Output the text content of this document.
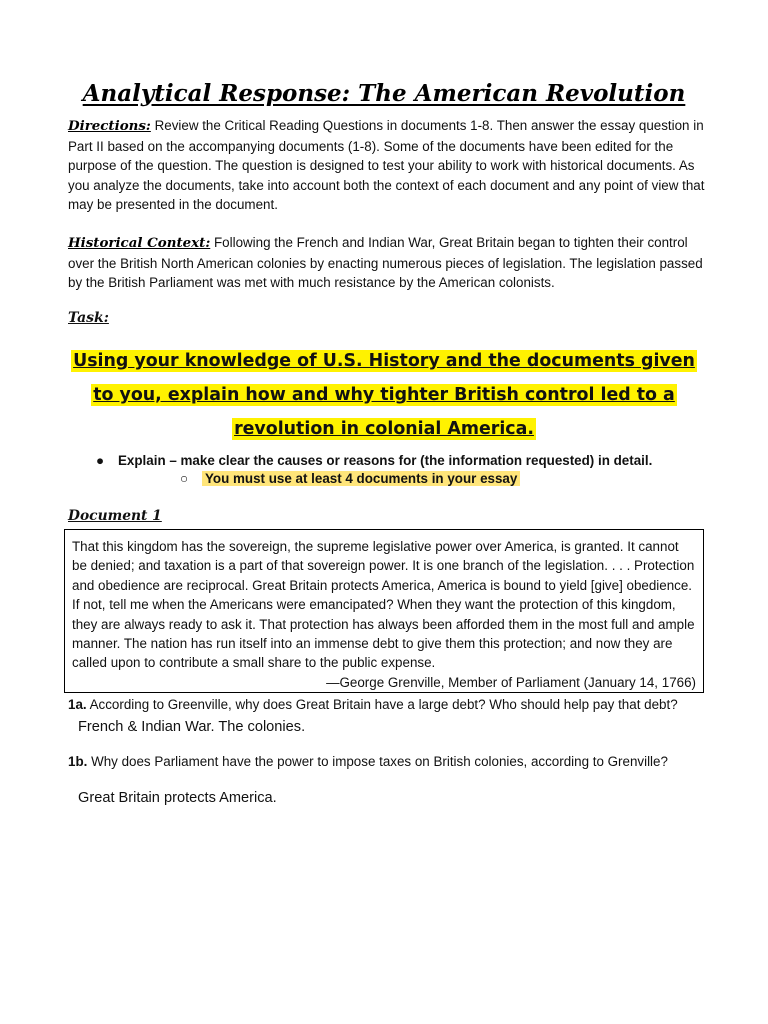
Analytical Response: The American Revolution
Directions: Review the Critical Reading Questions in documents 1-8. Then answer the essay question in Part II based on the accompanying documents (1-8). Some of the documents have been edited for the purpose of the question. The question is designed to test your ability to work with historical documents. As you analyze the documents, take into account both the context of each document and any point of view that may be presented in the document.
Historical Context: Following the French and Indian War, Great Britain began to tighten their control over the British North American colonies by enacting numerous pieces of legislation. The legislation passed by the British Parliament was met with much resistance by the American colonists.
Task:
Using your knowledge of U.S. History and the documents given to you, explain how and why tighter British control led to a revolution in colonial America.
● Explain – make clear the causes or reasons for (the information requested) in detail.
○ You must use at least 4 documents in your essay
Document 1
That this kingdom has the sovereign, the supreme legislative power over America, is granted. It cannot be denied; and taxation is a part of that sovereign power. It is one branch of the legislation. . . . Protection and obedience are reciprocal. Great Britain protects America, America is bound to yield [give] obedience. If not, tell me when the Americans were emancipated? When they want the protection of this kingdom, they are always ready to ask it. That protection has always been afforded them in the most full and ample manner. The nation has run itself into an immense debt to give them this protection; and now they are called upon to contribute a small share to the public expense.
—George Grenville, Member of Parliament (January 14, 1766)
1a. According to Greenville, why does Great Britain have a large debt? Who should help pay that debt?
French & Indian War. The colonies.
1b. Why does Parliament have the power to impose taxes on British colonies, according to Grenville?
Great Britain protects America.
